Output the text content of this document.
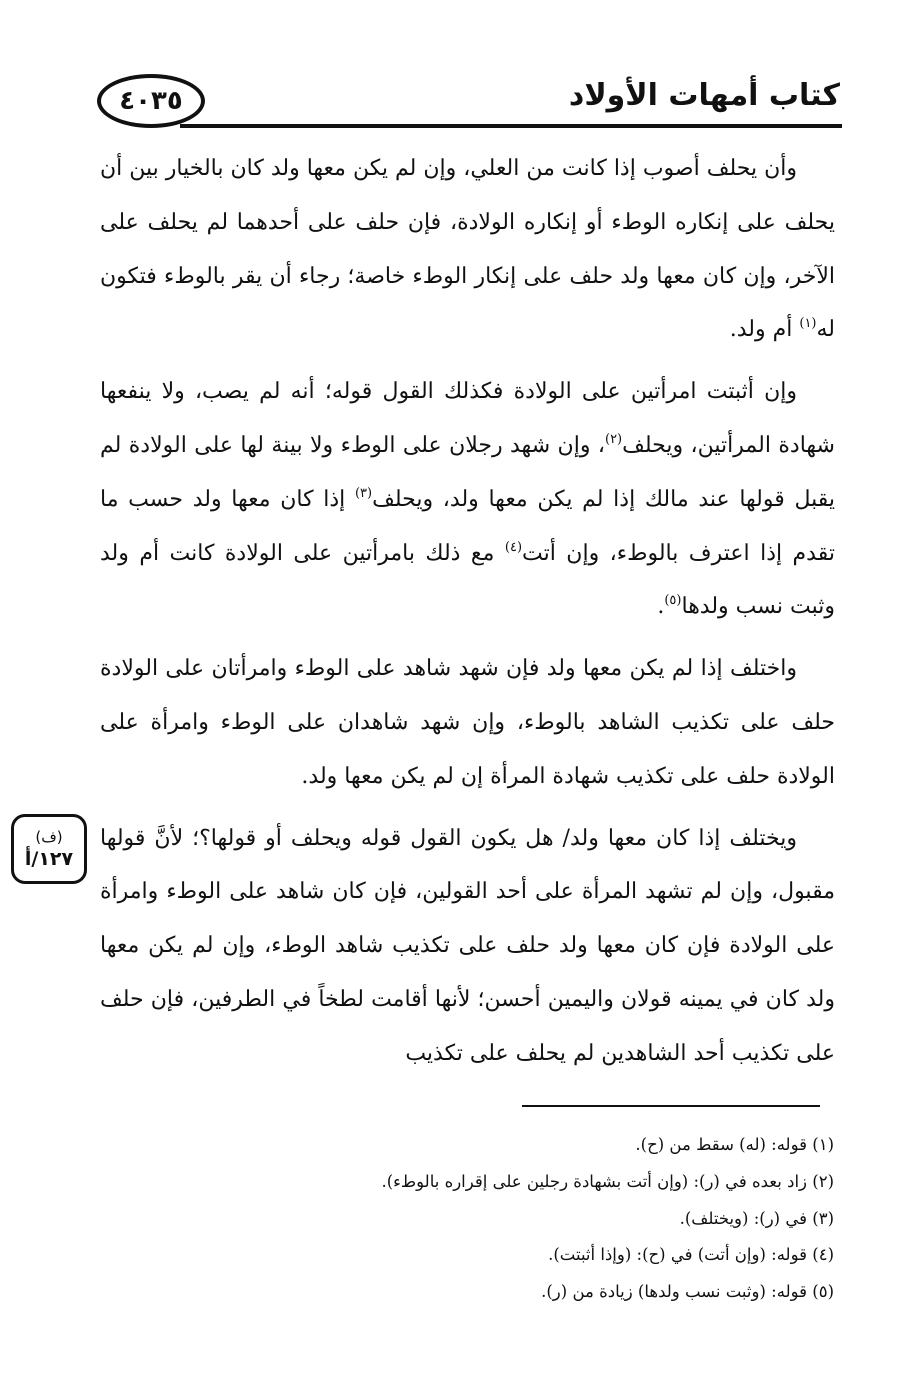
كتاب أمهات الأولاد
٤٠٣٥

وأن يحلف أصوب إذا كانت من العلي، وإن لم يكن معها ولد كان بالخيار بين أن يحلف على إنكاره الوطء أو إنكاره الولادة، فإن حلف على أحدهما لم يحلف على الآخر، وإن كان معها ولد حلف على إنكار الوطء خاصة؛ رجاء أن يقر بالوطء فتكون له$^{(١)}$ أم ولد.

وإن أثبتت امرأتين على الولادة فكذلك القول قوله؛ أنه لم يصب، ولا ينفعها شهادة المرأتين، ويحلف$^{(٢)}$، وإن شهد رجلان على الوطء ولا بينة لها على الولادة لم يقبل قولها عند مالك إذا لم يكن معها ولد، ويحلف$^{(٣)}$ إذا كان معها ولد حسب ما تقدم إذا اعترف بالوطء، وإن أتت$^{(٤)}$ مع ذلك بامرأتين على الولادة كانت أم ولد وثبت نسب ولدها$^{(٥)}$.

واختلف إذا لم يكن معها ولد فإن شهد شاهد على الوطء وامرأتان على الولادة حلف على تكذيب الشاهد بالوطء، وإن شهد شاهدان على الوطء وامرأة على الولادة حلف على تكذيب شهادة المرأة إن لم يكن معها ولد.

ويختلف إذا كان معها ولد/ هل يكون القول قوله ويحلف أو قولها؟؛ لأنَّ قولها مقبول، وإن لم تشهد المرأة على أحد القولين، فإن كان شاهد على الوطء وامرأة على الولادة فإن كان معها ولد حلف على تكذيب شاهد الوطء، وإن لم يكن معها ولد كان في يمينه قولان واليمين أحسن؛ لأنها أقامت لطخاً في الطرفين، فإن حلف على تكذيب أحد الشاهدين لم يحلف على تكذيب

(ف)
١٢٧/أ

(١) قوله: (له) سقط من (ح).

(٢) زاد بعده في (ر): (وإن أتت بشهادة رجلين على إقراره بالوطء).

(٣) في (ر): (ويختلف).

(٤) قوله: (وإن أتت) في (ح): (وإذا أثبتت).

(٥) قوله: (وثبت نسب ولدها) زيادة من (ر).
